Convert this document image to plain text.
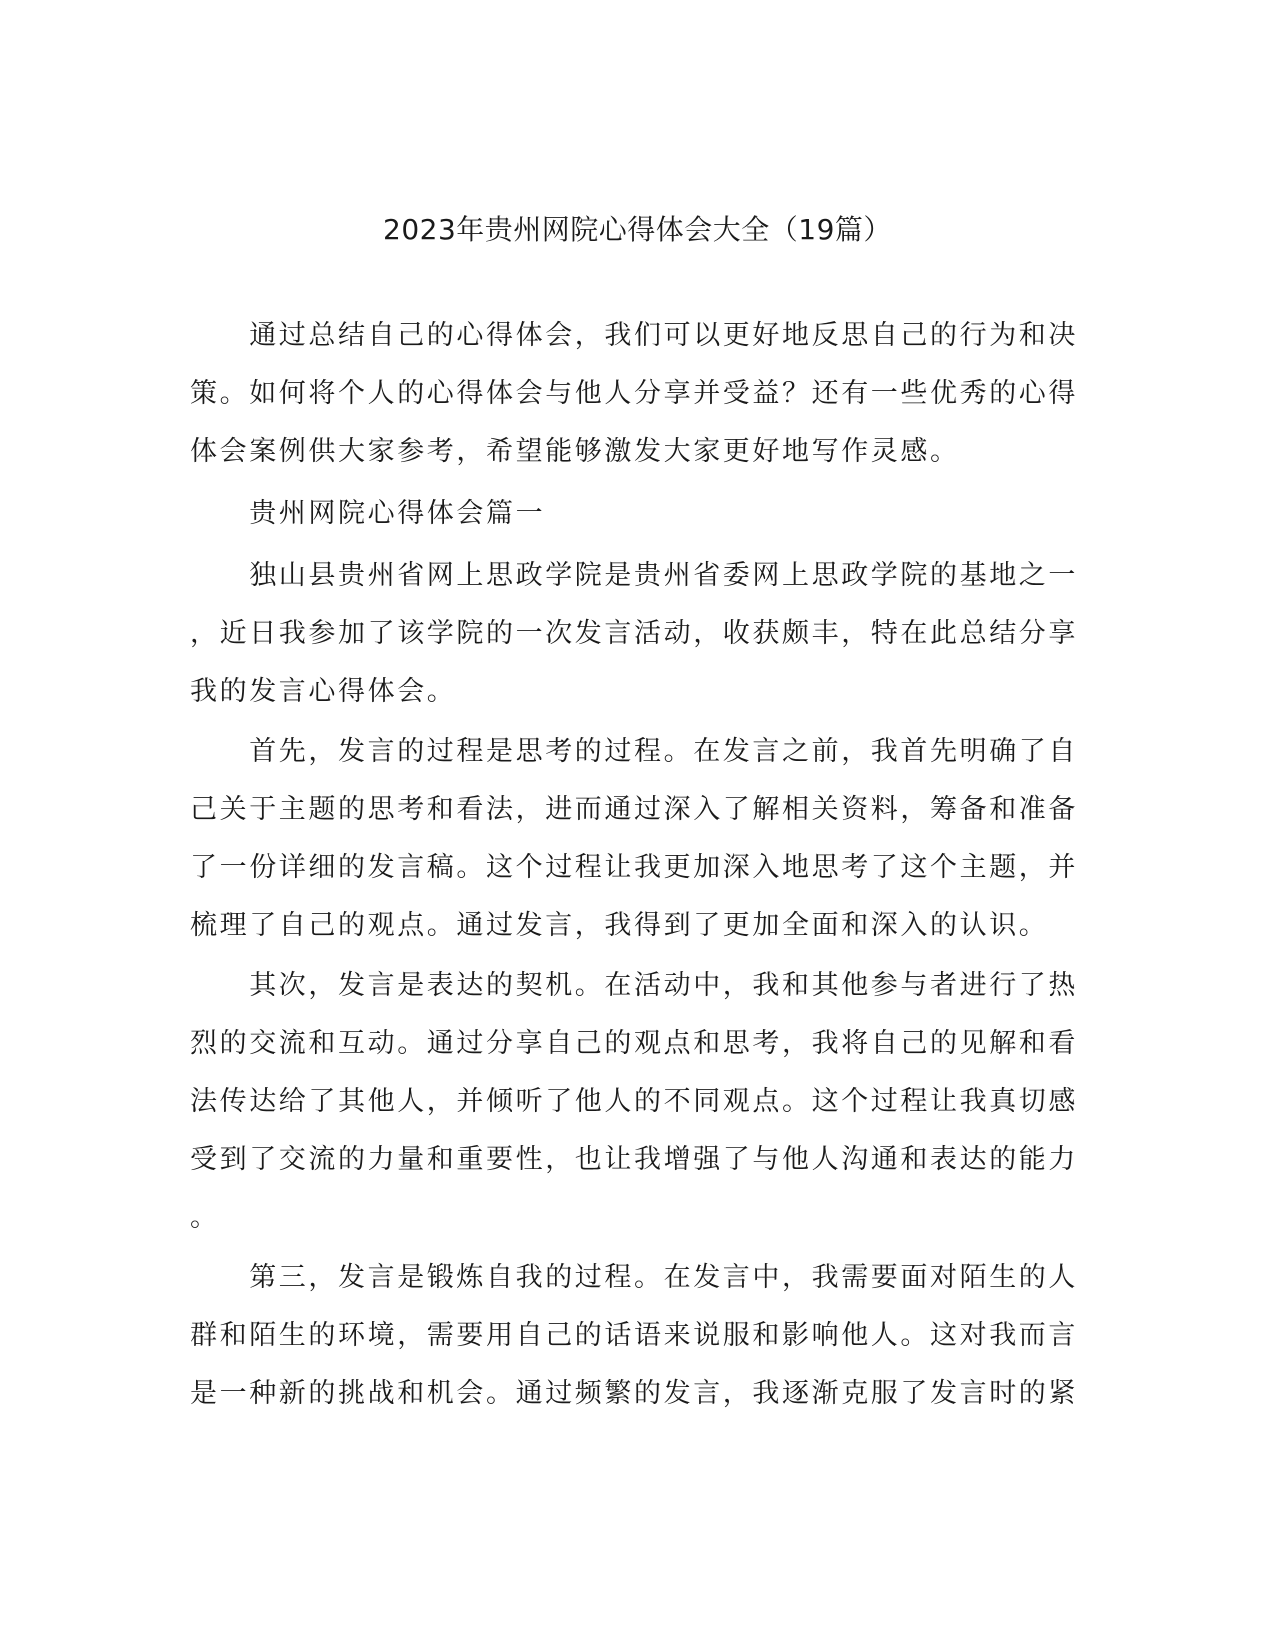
2023年贵州网院心得体会大全（19篇）
　　通过总结自己的心得体会，我们可以更好地反思自己的行为和决
策。如何将个人的心得体会与他人分享并受益？还有一些优秀的心得
体会案例供大家参考，希望能够激发大家更好地写作灵感。
　　贵州网院心得体会篇一
　　独山县贵州省网上思政学院是贵州省委网上思政学院的基地之一
，近日我参加了该学院的一次发言活动，收获颇丰，特在此总结分享
我的发言心得体会。
　　首先，发言的过程是思考的过程。在发言之前，我首先明确了自
己关于主题的思考和看法，进而通过深入了解相关资料，筹备和准备
了一份详细的发言稿。这个过程让我更加深入地思考了这个主题，并
梳理了自己的观点。通过发言，我得到了更加全面和深入的认识。
　　其次，发言是表达的契机。在活动中，我和其他参与者进行了热
烈的交流和互动。通过分享自己的观点和思考，我将自己的见解和看
法传达给了其他人，并倾听了他人的不同观点。这个过程让我真切感
受到了交流的力量和重要性，也让我增强了与他人沟通和表达的能力
。
　　第三，发言是锻炼自我的过程。在发言中，我需要面对陌生的人
群和陌生的环境，需要用自己的话语来说服和影响他人。这对我而言
是一种新的挑战和机会。通过频繁的发言，我逐渐克服了发言时的紧
